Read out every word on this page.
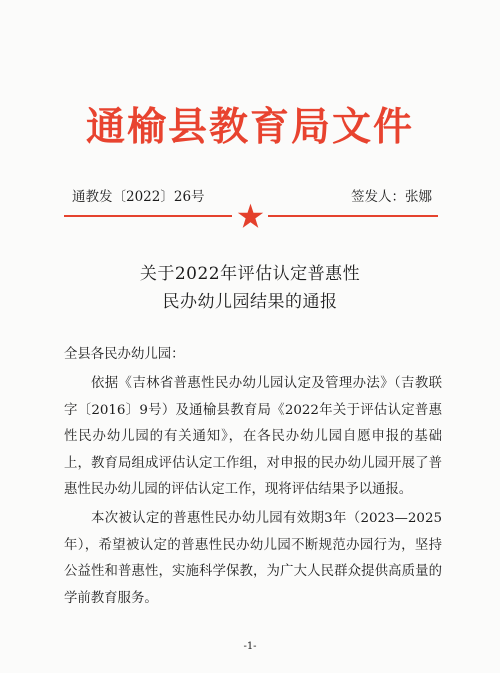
通榆县教育局文件
通教发〔2022〕26号	签发人：张娜
关于2022年评估认定普惠性
民办幼儿园结果的通报
全县各民办幼儿园：
依据《吉林省普惠性民办幼儿园认定及管理办法》（吉教联字〔2016〕9号）及通榆县教育局《2022年关于评估认定普惠性民办幼儿园的有关通知》，在各民办幼儿园自愿申报的基础上，教育局组成评估认定工作组，对申报的民办幼儿园开展了普惠性民办幼儿园的评估认定工作，现将评估结果予以通报。
本次被认定的普惠性民办幼儿园有效期3年（2023—2025年），希望被认定的普惠性民办幼儿园不断规范办园行为，坚持公益性和普惠性，实施科学保教，为广大人民群众提供高质量的学前教育服务。
-1-
